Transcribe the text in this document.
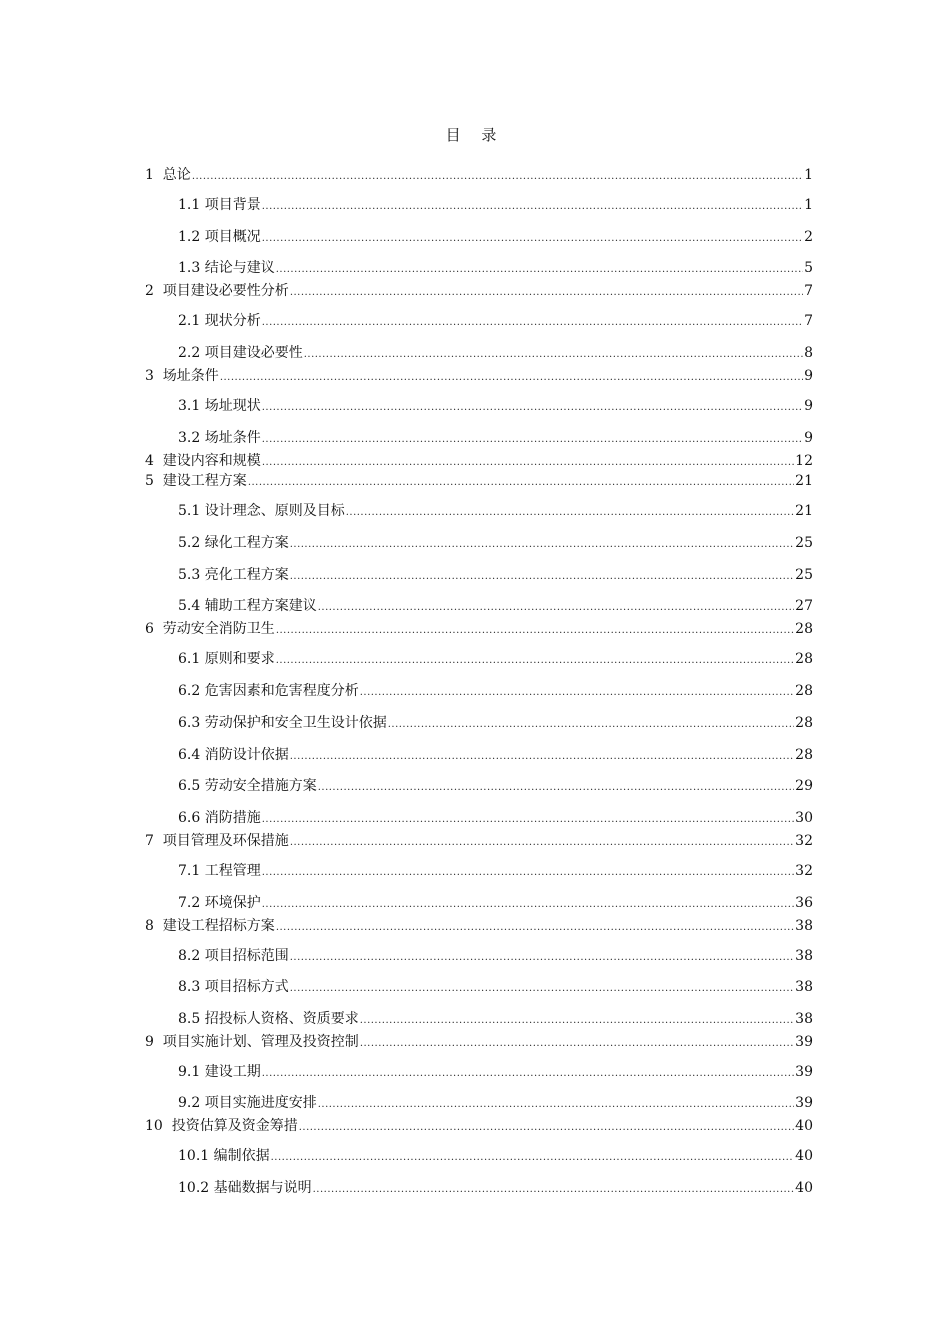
目 录
1  总论 .....	1
1.1 项目背景 .....	1
1.2 项目概况 .....	2
1.3 结论与建议 .....	5
2  项目建设必要性分析 .....	7
2.1 现状分析 .....	7
2.2 项目建设必要性 .....	8
3  场址条件 .....	9
3.1 场址现状 .....	9
3.2 场址条件 .....	9
4  建设内容和规模 .....	12
5  建设工程方案 .....	21
5.1 设计理念、原则及目标 .....	21
5.2 绿化工程方案 .....	25
5.3 亮化工程方案 .....	25
5.4 辅助工程方案建议 .....	27
6  劳动安全消防卫生 .....	28
6.1 原则和要求 .....	28
6.2 危害因素和危害程度分析 .....	28
6.3 劳动保护和安全卫生设计依据 .....	28
6.4 消防设计依据 .....	28
6.5 劳动安全措施方案 .....	29
6.6 消防措施 .....	30
7  项目管理及环保措施 .....	32
7.1 工程管理 .....	32
7.2 环境保护 .....	36
8  建设工程招标方案 .....	38
8.2 项目招标范围 .....	38
8.3 项目招标方式 .....	38
8.5 招投标人资格、资质要求 .....	38
9  项目实施计划、管理及投资控制 .....	39
9.1 建设工期 .....	39
9.2 项目实施进度安排 .....	39
10  投资估算及资金筹措 .....	40
10.1 编制依据 .....	40
10.2 基础数据与说明 .....	40
